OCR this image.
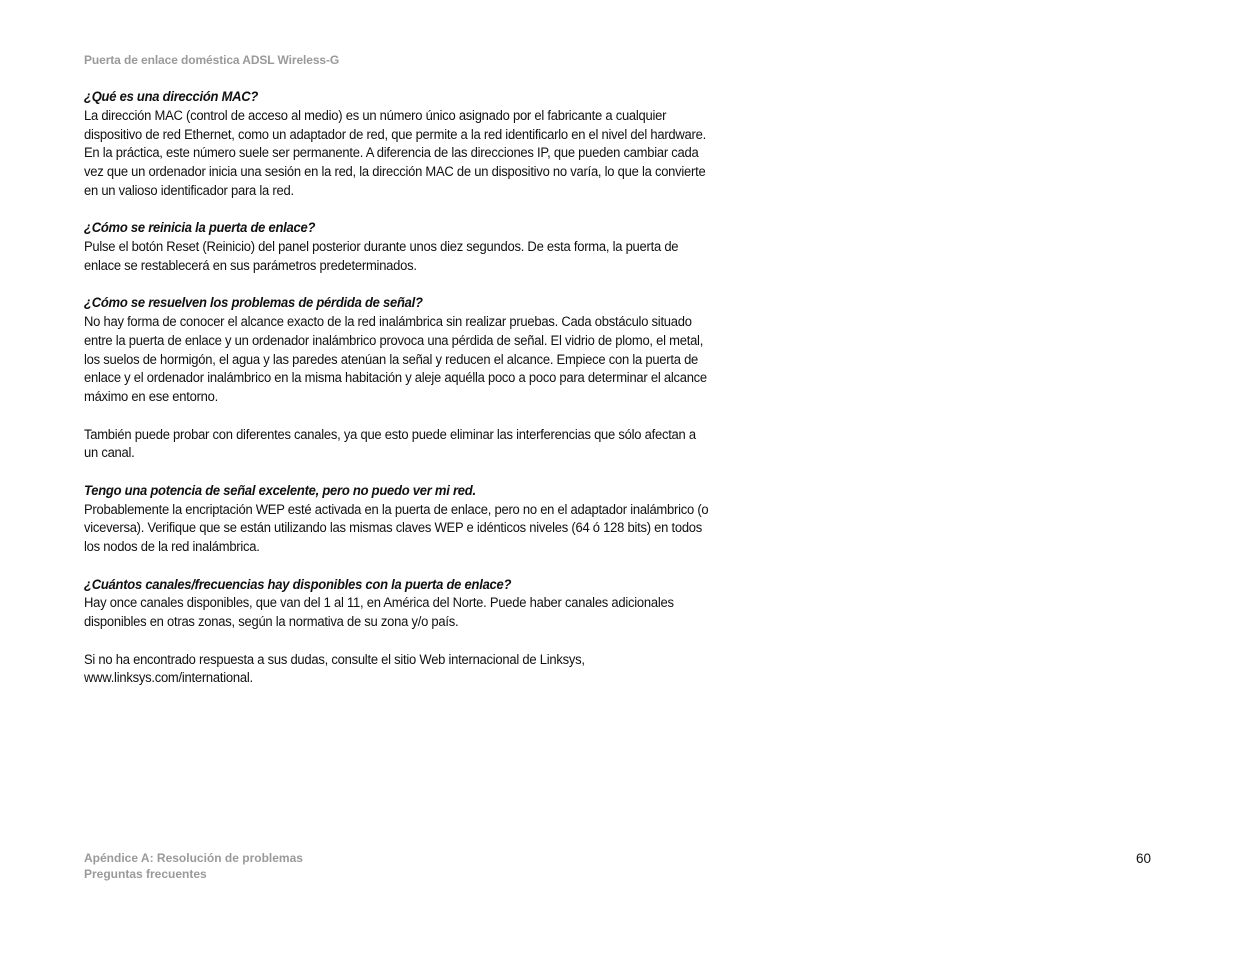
Puerta de enlace doméstica ADSL Wireless-G

¿Qué es una dirección MAC?

La dirección MAC (control de acceso al medio) es un número único asignado por el fabricante a cualquier
dispositivo de red Ethernet, como un adaptador de red, que permite a la red identificarlo en el nivel del hardware.
En la práctica, este número suele ser permanente. A diferencia de las direcciones IP, que pueden cambiar cada
vez que un ordenador inicia una sesión en la red, la dirección MAC de un dispositivo no varía, lo que la convierte
en un valioso identificador para la red.

¿Cómo se reinicia la puerta de enlace?

Pulse el botón Reset (Reinicio) del panel posterior durante unos diez segundos. De esta forma, la puerta de
enlace se restablecerá en sus parámetros predeterminados.

¿Cómo se resuelven los problemas de pérdida de señal?

No hay forma de conocer el alcance exacto de la red inalámbrica sin realizar pruebas. Cada obstáculo situado
entre la puerta de enlace y un ordenador inalámbrico provoca una pérdida de señal. El vidrio de plomo, el metal,
los suelos de hormigón, el agua y las paredes atenúan la señal y reducen el alcance. Empiece con la puerta de
enlace y el ordenador inalámbrico en la misma habitación y aleje aquélla poco a poco para determinar el alcance
máximo en ese entorno.

También puede probar con diferentes canales, ya que esto puede eliminar las interferencias que sólo afectan a
un canal.

Tengo una potencia de señal excelente, pero no puedo ver mi red.

Probablemente la encriptación WEP esté activada en la puerta de enlace, pero no en el adaptador inalámbrico (o
viceversa). Verifique que se están utilizando las mismas claves WEP e idénticos niveles (64 ó 128 bits) en todos
los nodos de la red inalámbrica.

¿Cuántos canales/frecuencias hay disponibles con la puerta de enlace?

Hay once canales disponibles, que van del 1 al 11, en América del Norte. Puede haber canales adicionales
disponibles en otras zonas, según la normativa de su zona y/o país.

Si no ha encontrado respuesta a sus dudas, consulte el sitio Web internacional de Linksys,
www.linksys.com/international.

Apéndice A: Resolución de problemas
Preguntas frecuentes
60
